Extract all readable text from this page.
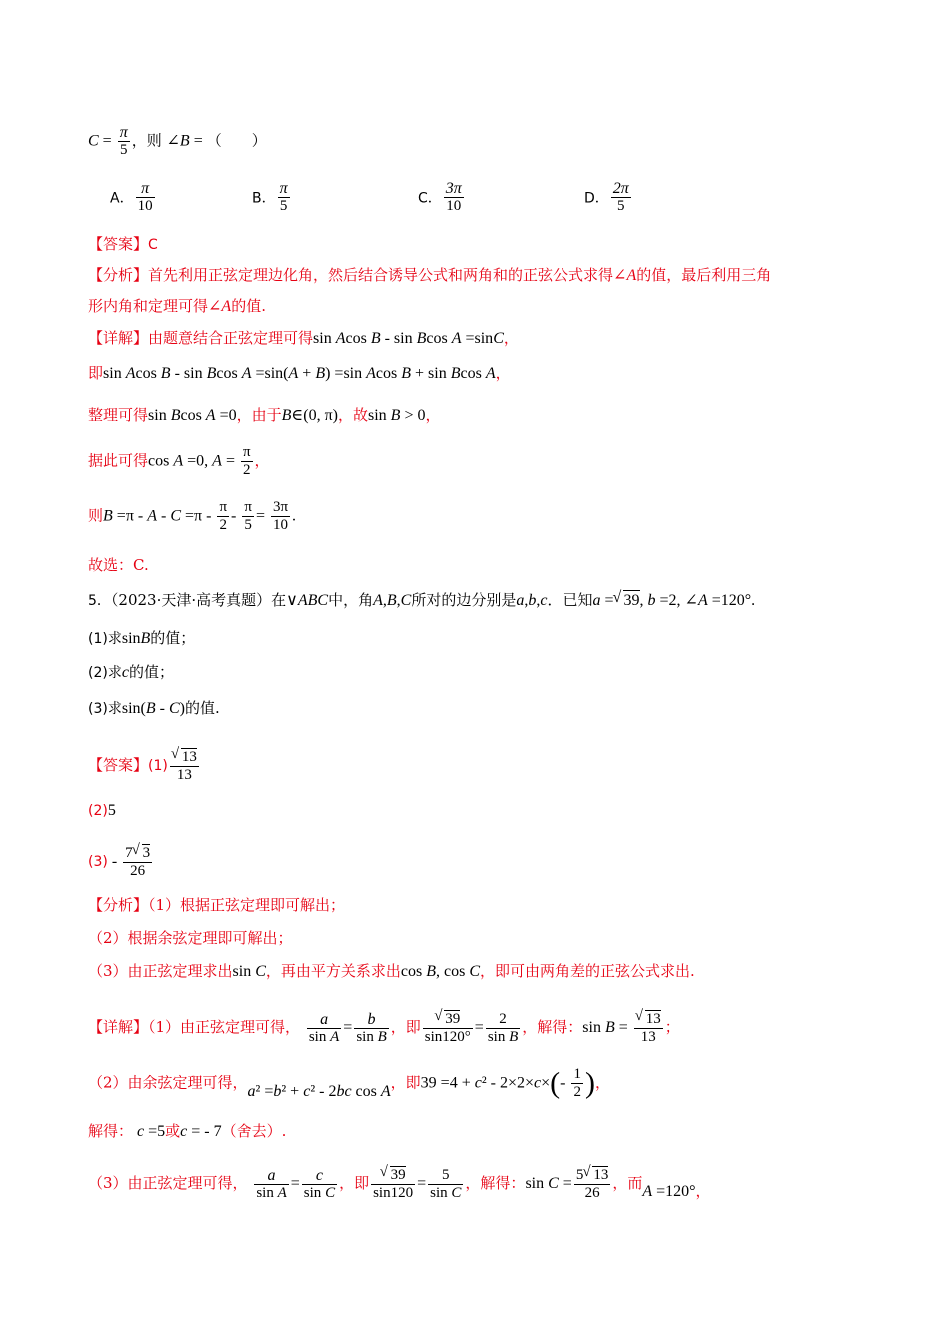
$C = \frac{\pi}{5}$ ，则 ∠B = （　　）
A． $\frac{\pi}{10}$	B． $\frac{\pi}{5}$	C． $\frac{3\pi}{10}$	D． $\frac{2\pi}{5}$
【答案】C
【分析】首先利用正弦定理边化角，然后结合诱导公式和两角和的正弦公式求得∠A的值，最后利用三角
形内角和定理可得∠A的值.
【详解】由题意结合正弦定理可得sin Acos B - sin Bcos A =sinC，
即sin Acos B - sin Bcos A =sin(A + B) =sin Acos B + sin Bcos A，
整理可得sin Bcos A =0，由于B∈(0, π)，故sin B > 0，
据此可得cos A =0, $A = \frac{\pi}{2}$ ，
则$B =\pi - A - C =\pi - \frac{\pi}{2} - \frac{\pi}{5} = \frac{3\pi}{10}$ .
故选：C.
5．（2023·天津·高考真题）在∨ABC中，角A,B,C所对的边分别是a,b,c．已知a = √ 39, b =2, ∠A =120°.
(1)求sinB的值；
(2)求c的值；
(3)求sin(B - C)的值.
【答案】(1) √ $\frac{13}{13}$
(2)5
$(3) - \frac{7 √ 3}{26}$
【分析】（1）根据正弦定理即可解出；
（2）根据余弦定理即可解出；
（3）由正弦定理求出sin C，再由平方关系求出cos B, cos C，即可由两角差的正弦公式求出.
【详解】（1）由正弦定理可得， $\frac{a}{\text{sin A}} = \frac{b}{\text{sin B}}$ ，即 √ $\frac{39}{\sin 120^\circ} = \frac{2}{\text{sin B}}$ ，解得：sin B = √ $\frac{13}{13}$ ；
（2）由余弦定理可得，a² =b² + c² - 2bc cos A，即$39 =4 + c^2 - 2\times 2\times c\times(- \frac{1}{2}$ )，
解得： c =5或c = - 7（舍去）.
（3）由正弦定理可得， $\frac{a}{\text{sin A}} = \frac{c}{\text{sin C}}$ ，即 √ $\frac{39}{\sin 120} = \frac{5}{\text{sin C}}$ ，解得：$\sin C = \frac{5 √ 13}{26}$ ，而A =120°，
